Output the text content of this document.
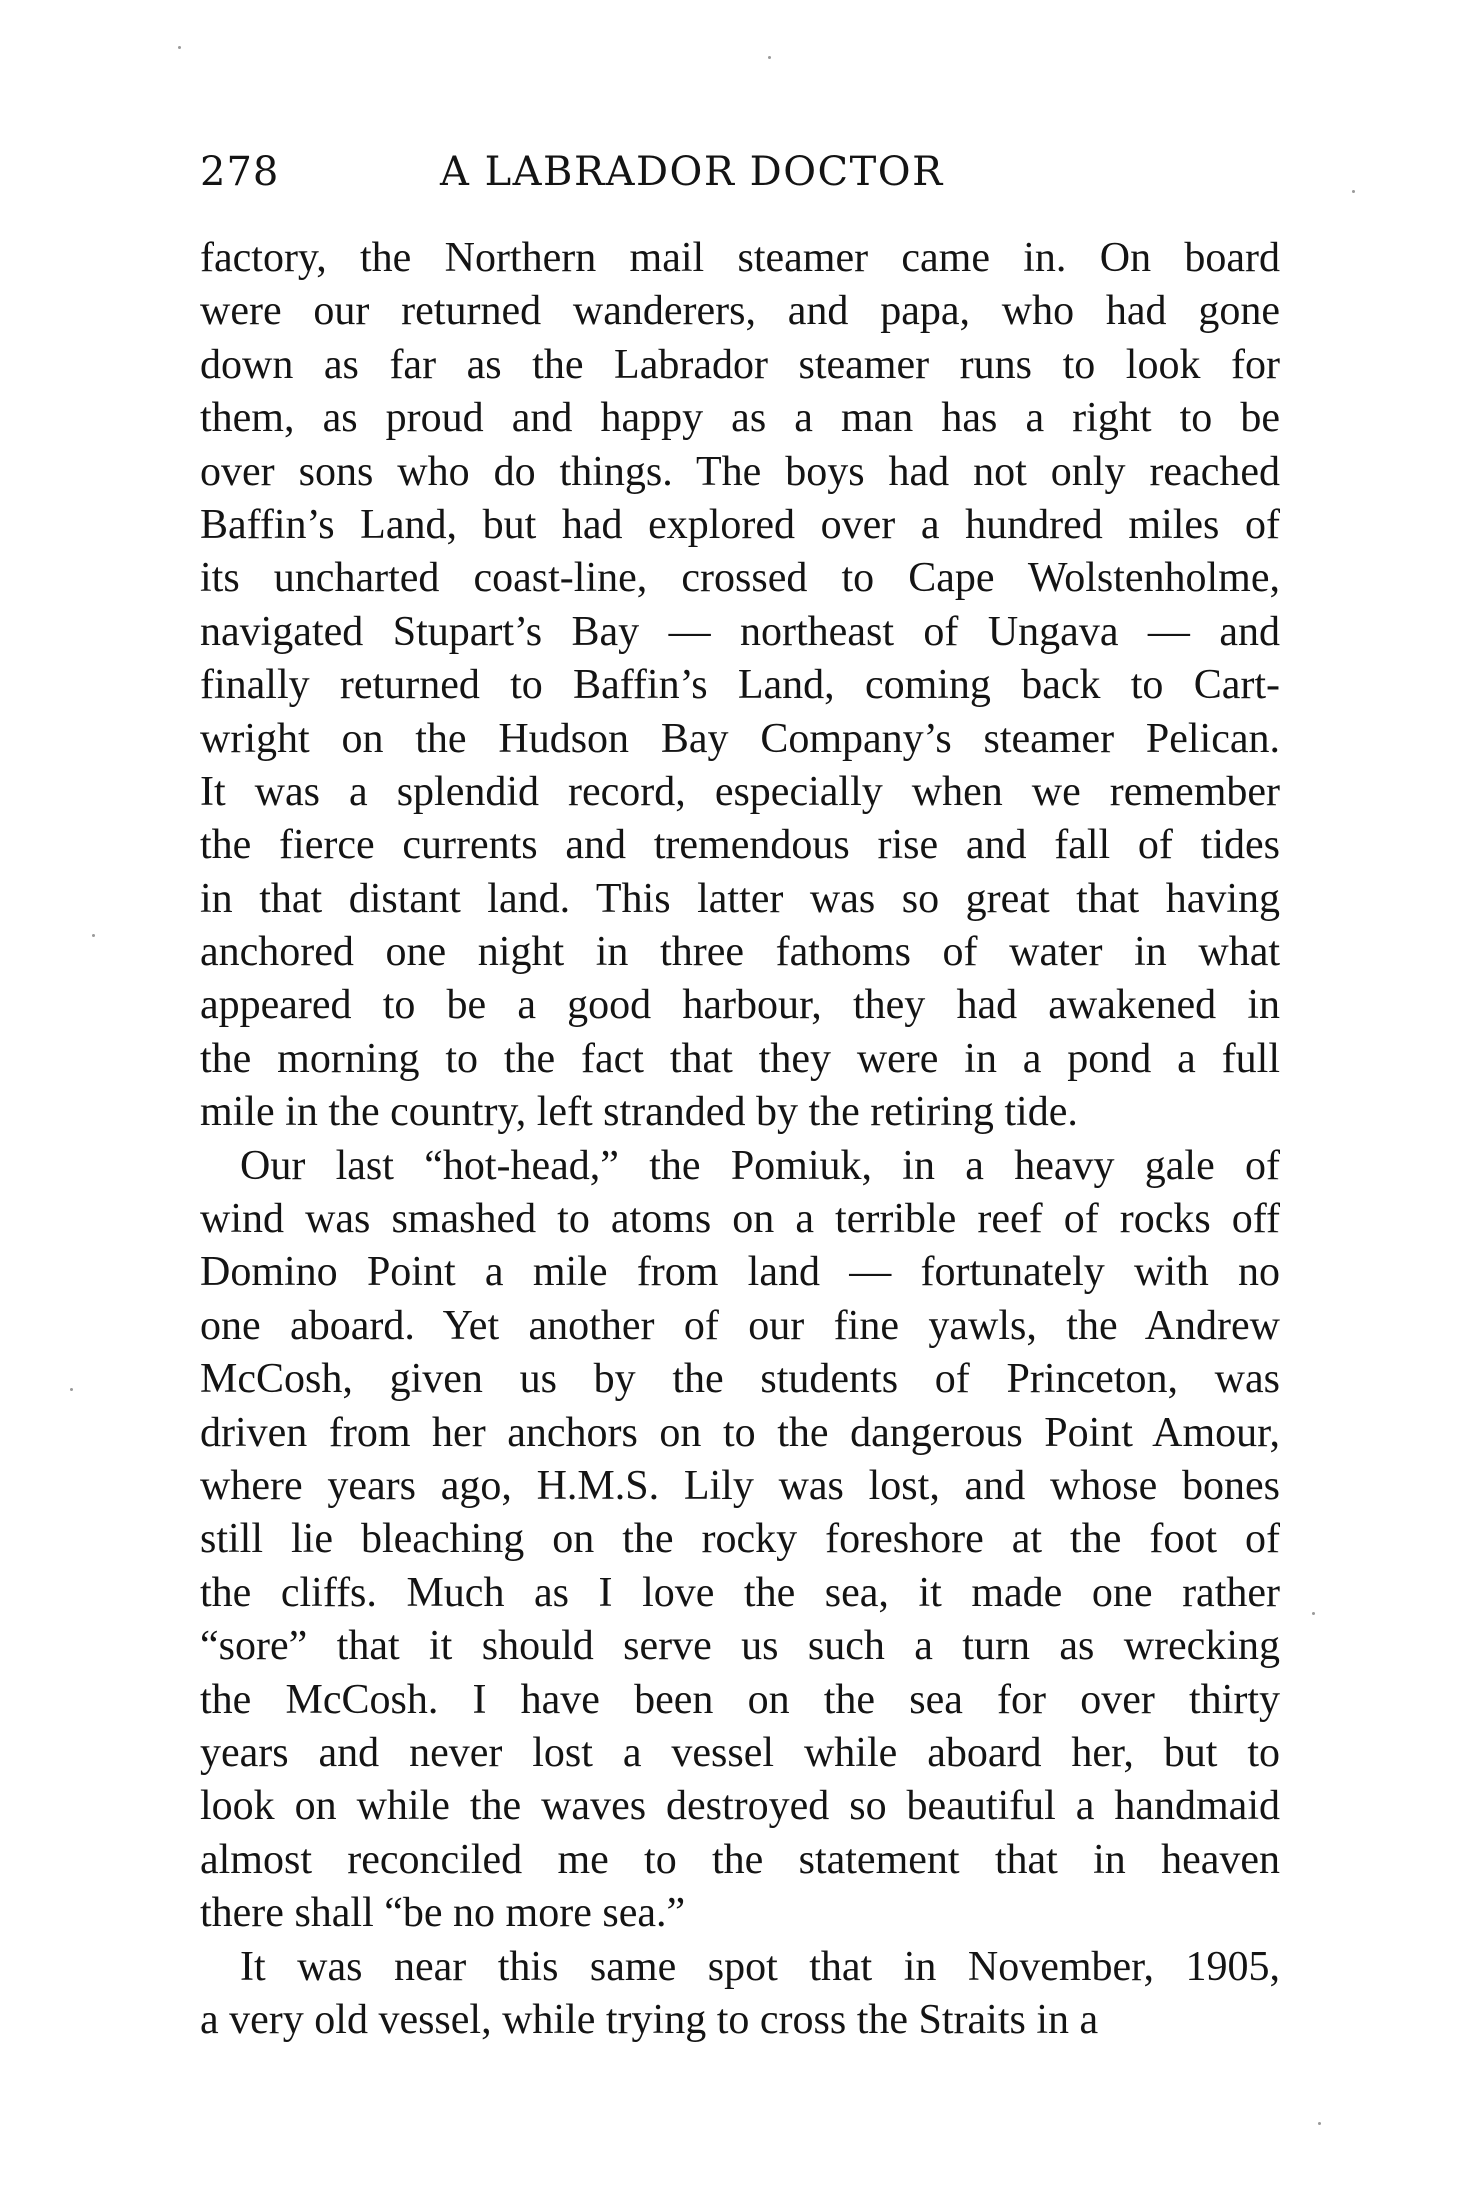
278	A LABRADOR DOCTOR
factory, the Northern mail steamer came in. On board
were our returned wanderers, and papa, who had gone
down as far as the Labrador steamer runs to look for
them, as proud and happy as a man has a right to be
over sons who do things. The boys had not only reached
Baffin’s Land, but had explored over a hundred miles of
its uncharted coast-line, crossed to Cape Wolstenholme,
navigated Stupart’s Bay — northeast of Ungava — and
finally returned to Baffin’s Land, coming back to Cart-
wright on the Hudson Bay Company’s steamer Pelican.
It was a splendid record, especially when we remember
the fierce currents and tremendous rise and fall of tides
in that distant land. This latter was so great that having
anchored one night in three fathoms of water in what
appeared to be a good harbour, they had awakened in
the morning to the fact that they were in a pond a full
mile in the country, left stranded by the retiring tide.
Our last “hot-head,” the Pomiuk, in a heavy gale of
wind was smashed to atoms on a terrible reef of rocks off
Domino Point a mile from land — fortunately with no
one aboard. Yet another of our fine yawls, the Andrew
McCosh, given us by the students of Princeton, was
driven from her anchors on to the dangerous Point Amour,
where years ago, H.M.S. Lily was lost, and whose bones
still lie bleaching on the rocky foreshore at the foot of
the cliffs. Much as I love the sea, it made one rather
“sore” that it should serve us such a turn as wrecking
the McCosh. I have been on the sea for over thirty
years and never lost a vessel while aboard her, but to
look on while the waves destroyed so beautiful a handmaid
almost reconciled me to the statement that in heaven
there shall “be no more sea.”
It was near this same spot that in November, 1905,
a very old vessel, while trying to cross the Straits in a
